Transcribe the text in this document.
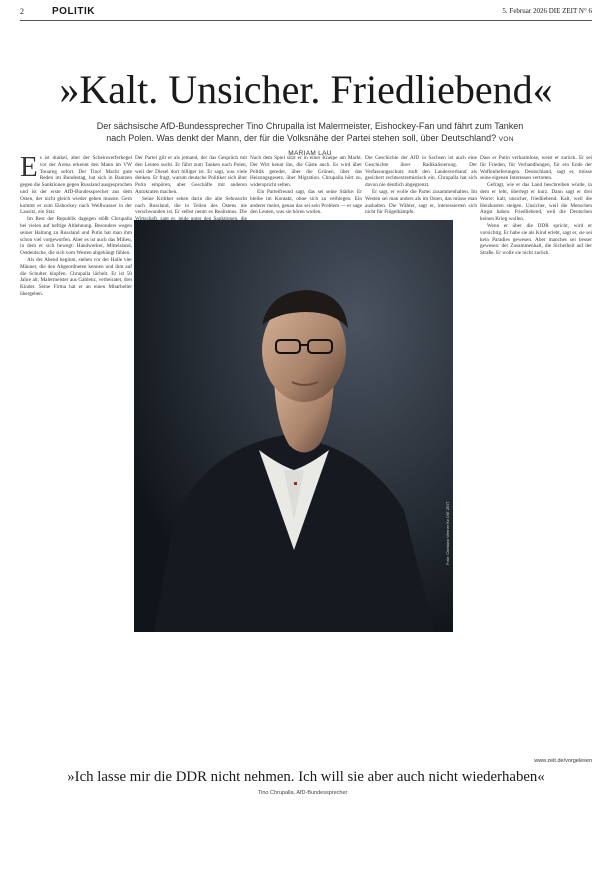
2	POLITIK	5. Februar 2026 DIE ZEIT N° 6
»Kalt. Unsicher. Friedliebend«
Der sächsische AfD-Bundessprecher Tino Chrupalla ist Malermeister, Eishockey-Fan und fährt zum Tanken nach Polen. Was denkt der Mann, der für die Volksnähe der Partei stehen soll, über Deutschland? VON MARIAM LAU

Es ist dunkel, aber der Scheinwerferkegel vor der Arena erkennt den Mann im VW Touareg sofort. Der Tino! Macht gute Reden im Bundestag, hat sich in Bautzen gegen die Sanktionen gegen Russland ausgesprochen und ist der erste AfD-Bundessprecher aus dem Osten, der nicht gleich wieder gehen musste. Gern kommt er zum Eishockey nach Weißwasser in der Lausitz, ein Star.

Im Rest der Republik dagegen stößt Chrupalla bei vielen auf heftige Ablehnung. Besonders wegen seiner Haltung zu Russland und Putin hat man ihm schon viel vorgeworfen. Aber es ist auch das Milieu, in dem er sich bewegt: Handwerker, Mittelstand, Ostdeutsche, die sich vom Westen abgehängt fühlen.

Als der Abend beginnt, stehen vor der Halle vier Männer, die den Abgeordneten kennen und ihm auf die Schulter klopfen. Chrupalla lächelt. Er ist 50 Jahre alt, Malermeister aus Gablenz, verheiratet, drei Kinder. Seine Firma hat er an einen Mitarbeiter übergeben.

Der Partei gilt er als jemand, der das Gespräch mit den Leuten sucht. Er fährt zum Tanken nach Polen, weil der Diesel dort billiger ist. Er sagt, was viele denken. Er fragt, warum deutsche Politiker sich über Putin empören, aber Geschäfte mit anderen Autokraten machen.

Seine Kritiker sehen darin die alte Sehnsucht nach Russland, die in Teilen des Ostens nie verschwunden ist. Er selbst nennt es Realismus. Die

Nach dem Spiel sitzt er in einer Kneipe am Markt. Der Wirt kennt ihn, die Gäste auch. Es wird über Politik geredet, über die Grünen, über das Heizungsgesetz, über Migration. Chrupalla hört zu, widerspricht selten.

Ein Parteifreund sagt, das sei seine Stärke: Er bleibe im Kontakt, ohne sich zu verbiegen. Ein anderer meint, genau das sei sein Problem — er sage den Leuten, was sie hören wollen.

Die Geschichte der AfD in Sachsen ist auch eine Geschichte ihrer Radikalisierung. Der Verfassungsschutz stuft den Landesverband als gesichert rechtsextremistisch ein. Chrupalla hat sich davon nie deutlich abgegrenzt.

Er sagt, er wolle die Partei zusammenhalten. Im Westen sei man anders als im Osten, das müsse man aushalten. Die Wähler, sagt er, interessierten sich nicht für Flügelkämpfe.

Dass er Putin verharmlose, weist er zurück. Er sei für Frieden, für Verhandlungen, für ein Ende der Waffenlieferungen. Deutschland, sagt er, müsse seine eigenen Interessen vertreten.

Gefragt, wie er das Land beschreiben würde, in dem er lebt, überlegt er kurz. Dann sagt er drei Worte: kalt, unsicher, friedliebend. Kalt, weil die Heizkosten steigen. Unsicher, weil die Menschen Angst haben. Friedliebend, weil die Deutschen keinen Krieg wollen.

Wenn er über die DDR spricht, wird er vorsichtig. Er habe sie als Kind erlebt, sagt er, sie sei kein Paradies gewesen. Aber manches sei besser gewesen: der Zusammenhalt, die Sicherheit auf der Straße. Er wolle sie nicht zurück.

Foto: Christian Werner für DIE ZEIT
www.zeit.de/vorgelesen
»Ich lasse mir die DDR nicht nehmen. Ich will sie aber auch nicht wiederhaben«
Tino Chrupalla, AfD-Bundessprecher
